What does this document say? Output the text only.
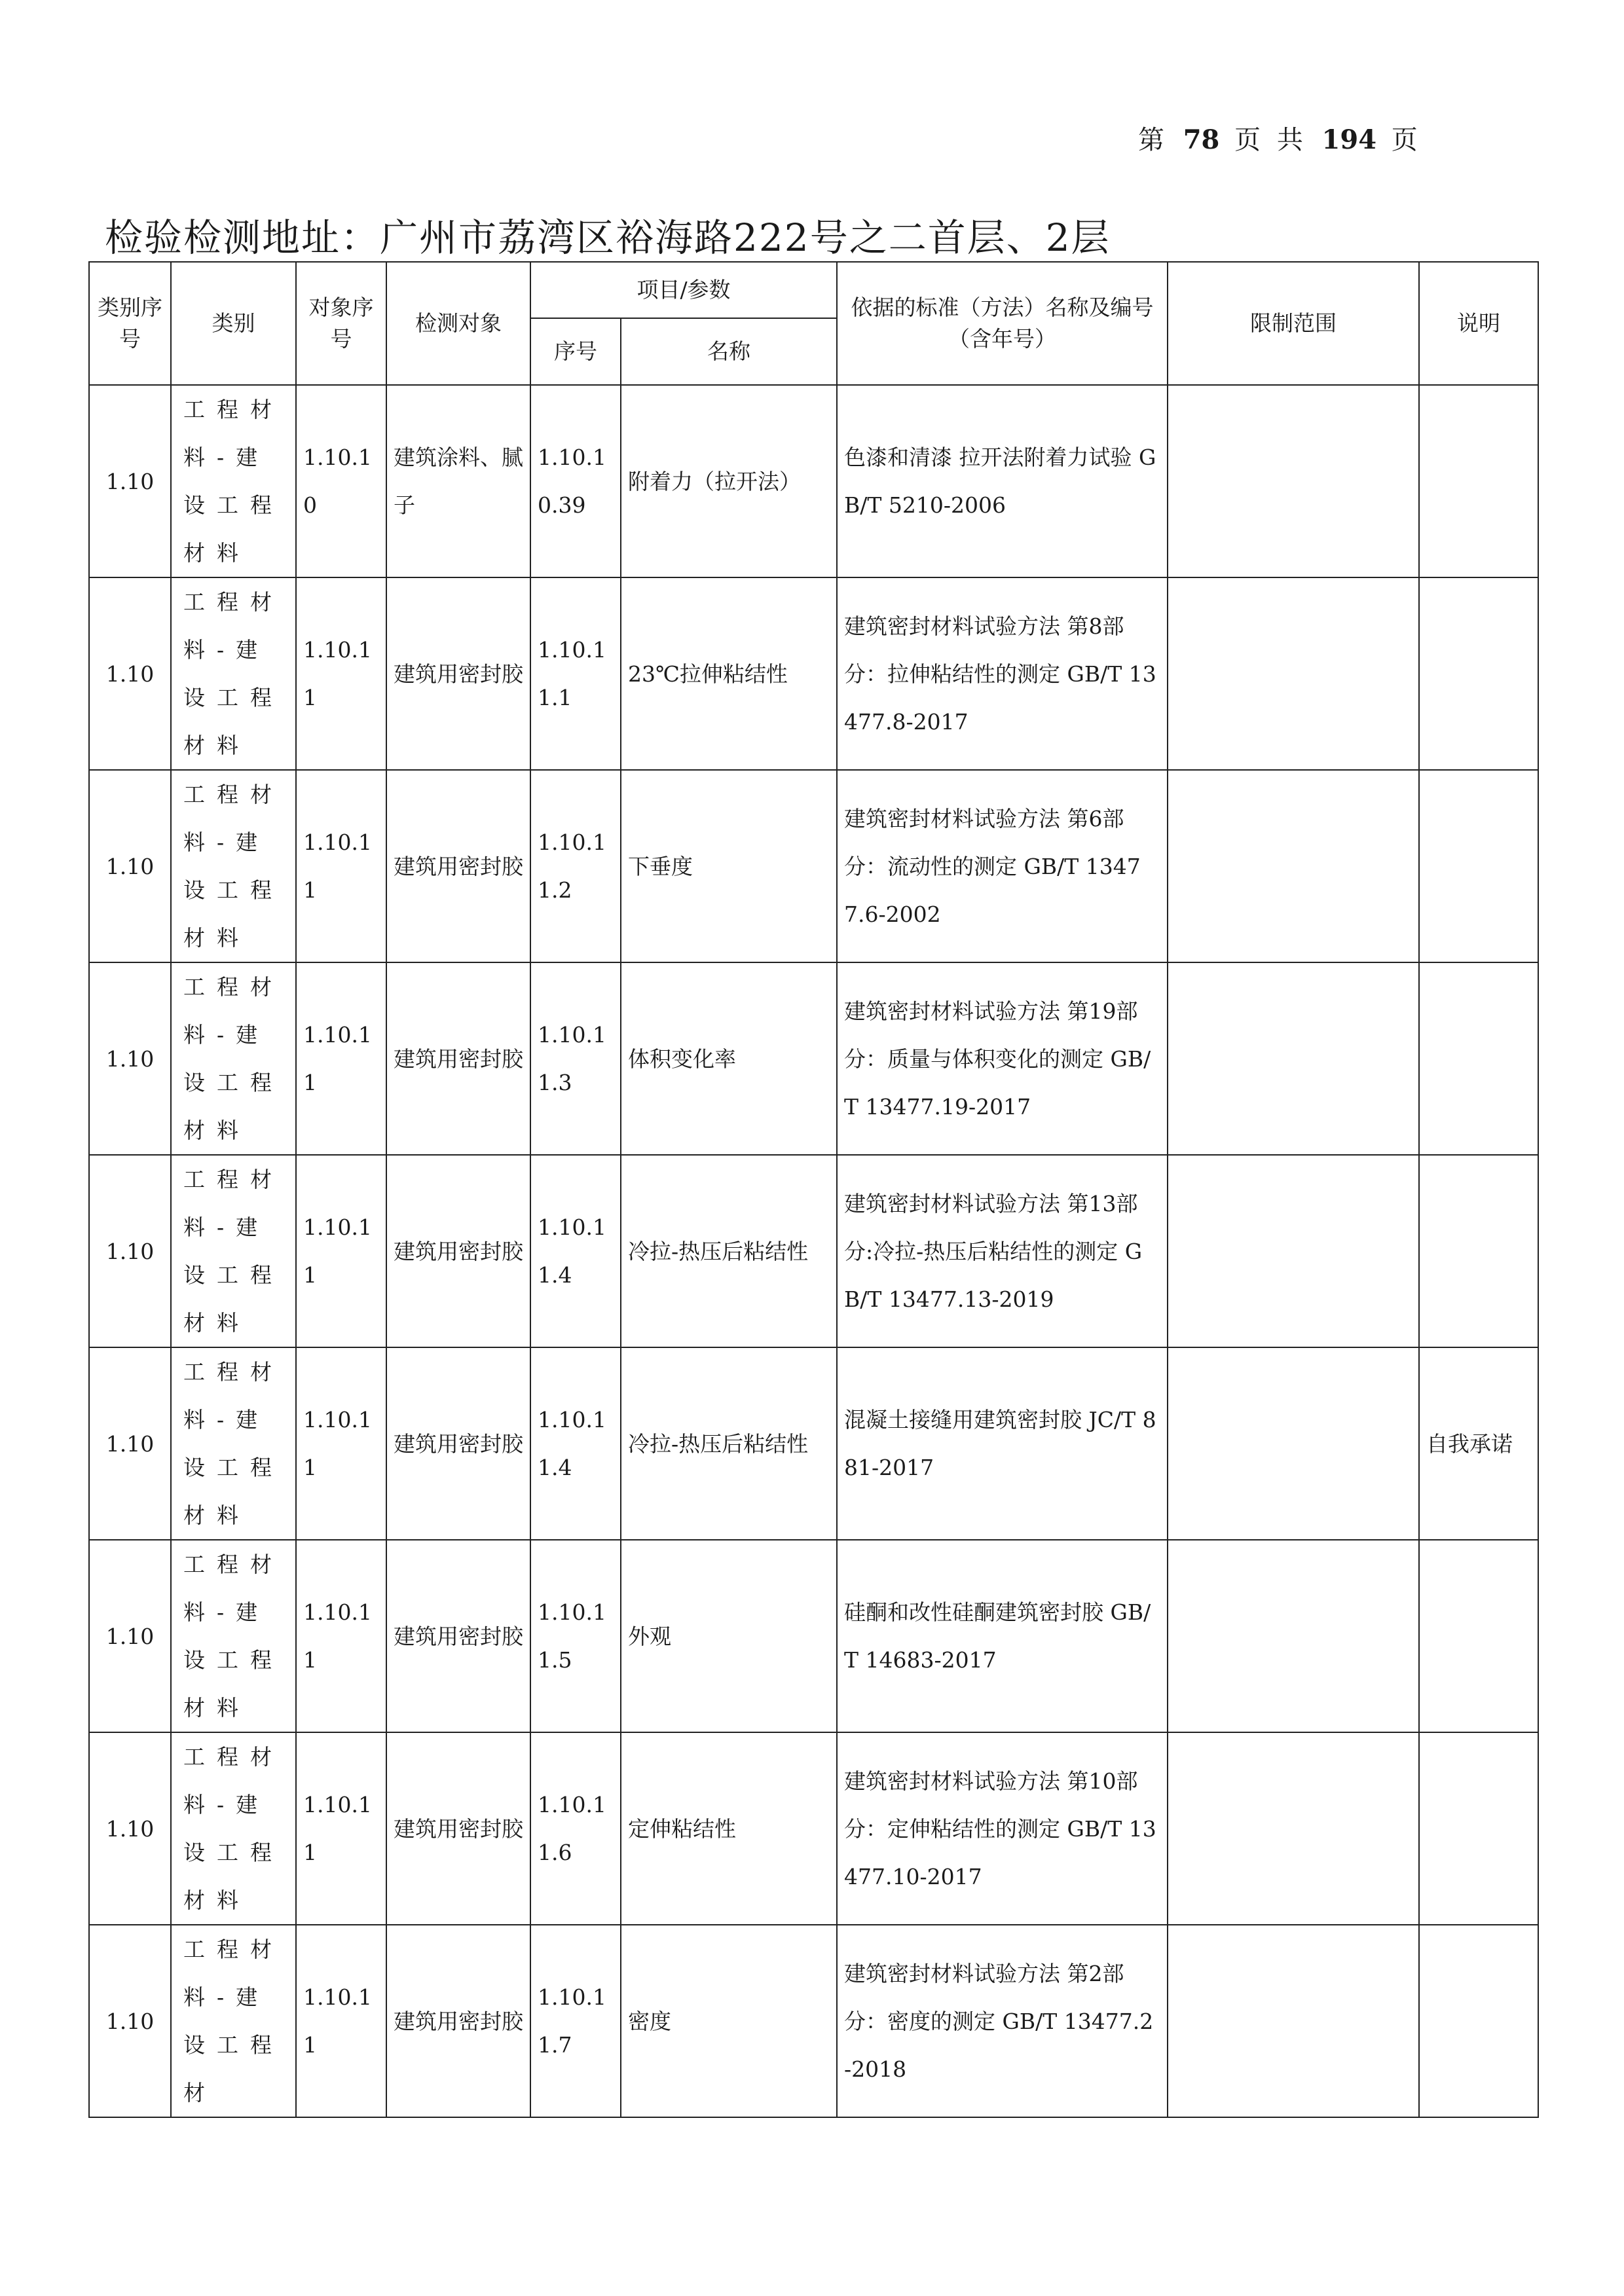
第 78 页 共 194 页
检验检测地址：广州市荔湾区裕海路222号之二首层、2层
类别序号	类别	对象序号	检测对象	项目/参数		依据的标准（方法）名称及编号（含年号）	限制范围	说明
				序号	名称			
1.10	工程材料-建设工程材料	1.10.10	建筑涂料、腻子	1.10.10.39	附着力（拉开法）	色漆和清漆 拉开法附着力试验 GB/T 5210-2006		
1.10	工程材料-建设工程材料	1.10.11	建筑用密封胶	1.10.11.1	23℃拉伸粘结性	建筑密封材料试验方法 第8部分：拉伸粘结性的测定 GB/T 13477.8-2017		
1.10	工程材料-建设工程材料	1.10.11	建筑用密封胶	1.10.11.2	下垂度	建筑密封材料试验方法 第6部分：流动性的测定 GB/T 13477.6-2002		
1.10	工程材料-建设工程材料	1.10.11	建筑用密封胶	1.10.11.3	体积变化率	建筑密封材料试验方法 第19部分：质量与体积变化的测定 GB/T 13477.19-2017		
1.10	工程材料-建设工程材料	1.10.11	建筑用密封胶	1.10.11.4	冷拉-热压后粘结性	建筑密封材料试验方法 第13部分:冷拉-热压后粘结性的测定 GB/T 13477.13-2019		
1.10	工程材料-建设工程材料	1.10.11	建筑用密封胶	1.10.11.4	冷拉-热压后粘结性	混凝土接缝用建筑密封胶 JC/T 881-2017		自我承诺
1.10	工程材料-建设工程材料	1.10.11	建筑用密封胶	1.10.11.5	外观	硅酮和改性硅酮建筑密封胶 GB/T 14683-2017		
1.10	工程材料-建设工程材料	1.10.11	建筑用密封胶	1.10.11.6	定伸粘结性	建筑密封材料试验方法 第10部分：定伸粘结性的测定 GB/T 13477.10-2017		
1.10	工程材料-建设工程材	1.10.11	建筑用密封胶	1.10.11.7	密度	建筑密封材料试验方法 第2部分：密度的测定 GB/T 13477.2-2018		
